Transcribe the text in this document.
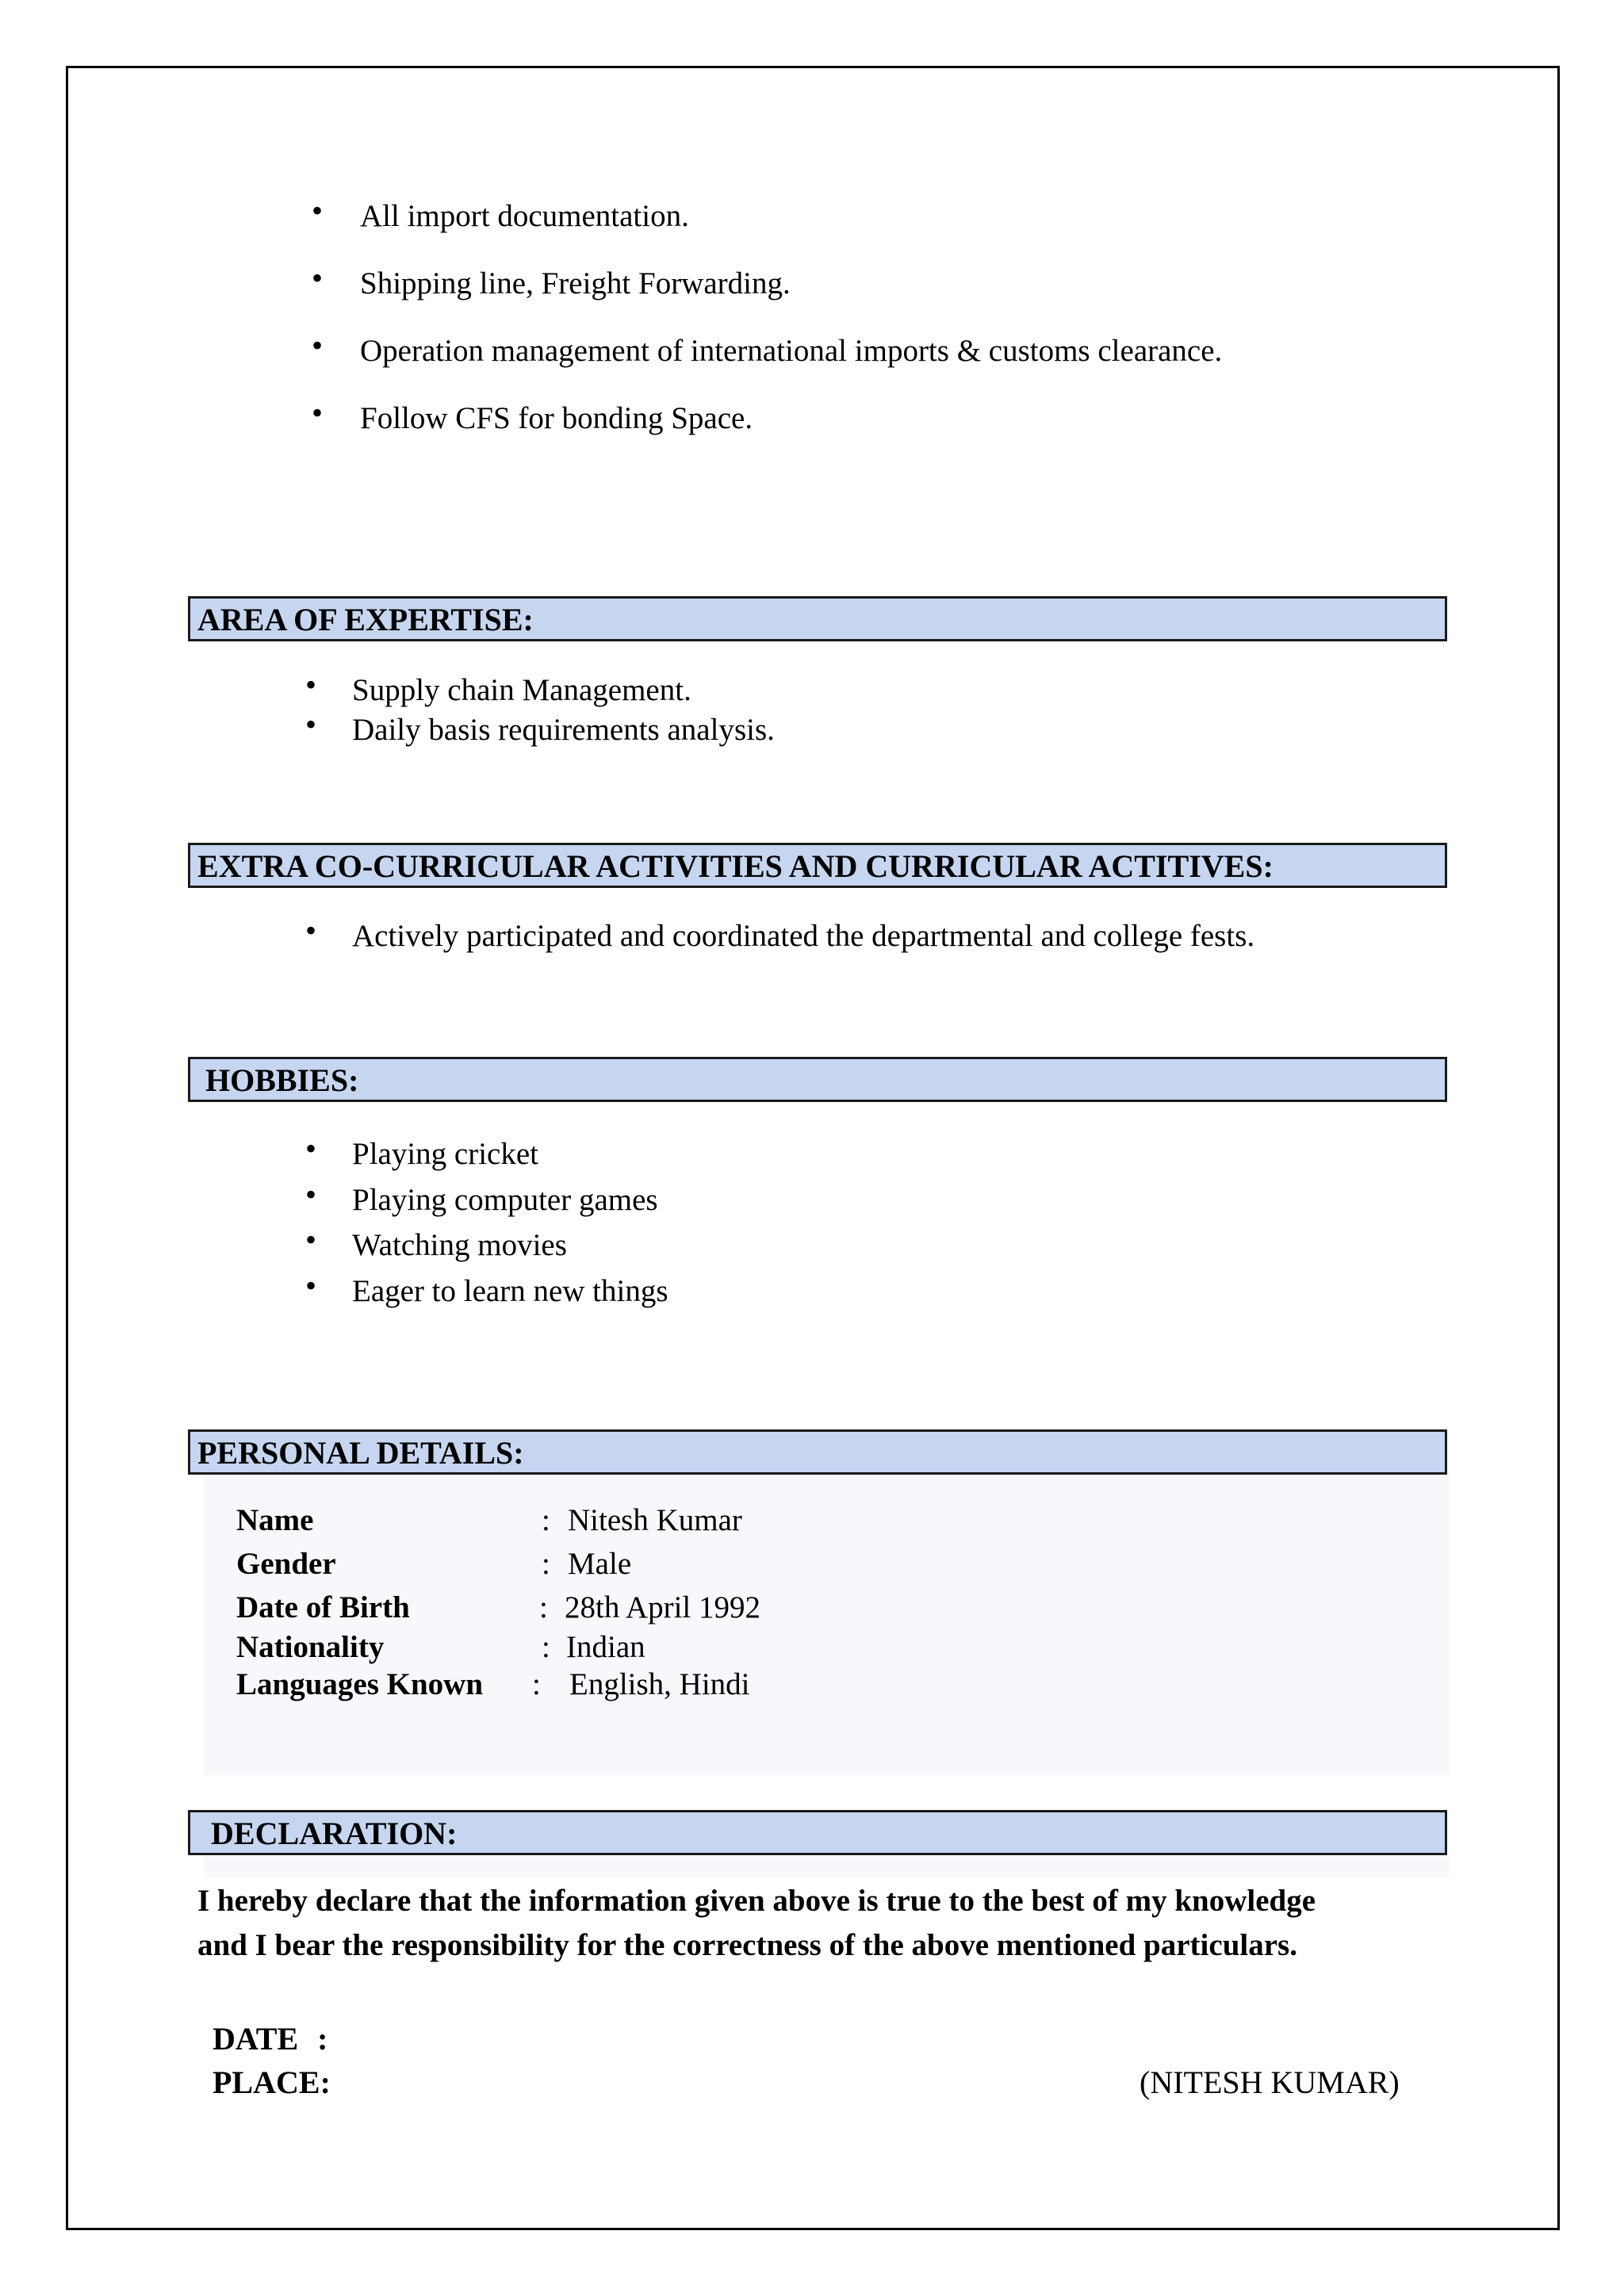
• All import documentation.
• Shipping line, Freight Forwarding.
• Operation management of international imports & customs clearance.
• Follow CFS for bonding Space.
AREA OF EXPERTISE:
• Supply chain Management.
• Daily basis requirements analysis.
EXTRA CO-CURRICULAR ACTIVITIES AND CURRICULAR ACTITIVES:
• Actively participated and coordinated the departmental and college fests.
HOBBIES:
• Playing cricket
• Playing computer games
• Watching movies
• Eager to learn new things
PERSONAL DETAILS:
Name	: Nitesh Kumar
Gender	: Male
Date of Birth	: 28th April 1992
Nationality	: Indian
Languages Known : English, Hindi
DECLARATION:
I hereby declare that the information given above is true to the best of my knowledge
and I bear the responsibility for the correctness of the above mentioned particulars.
DATE :
PLACE:	(NITESH KUMAR)
